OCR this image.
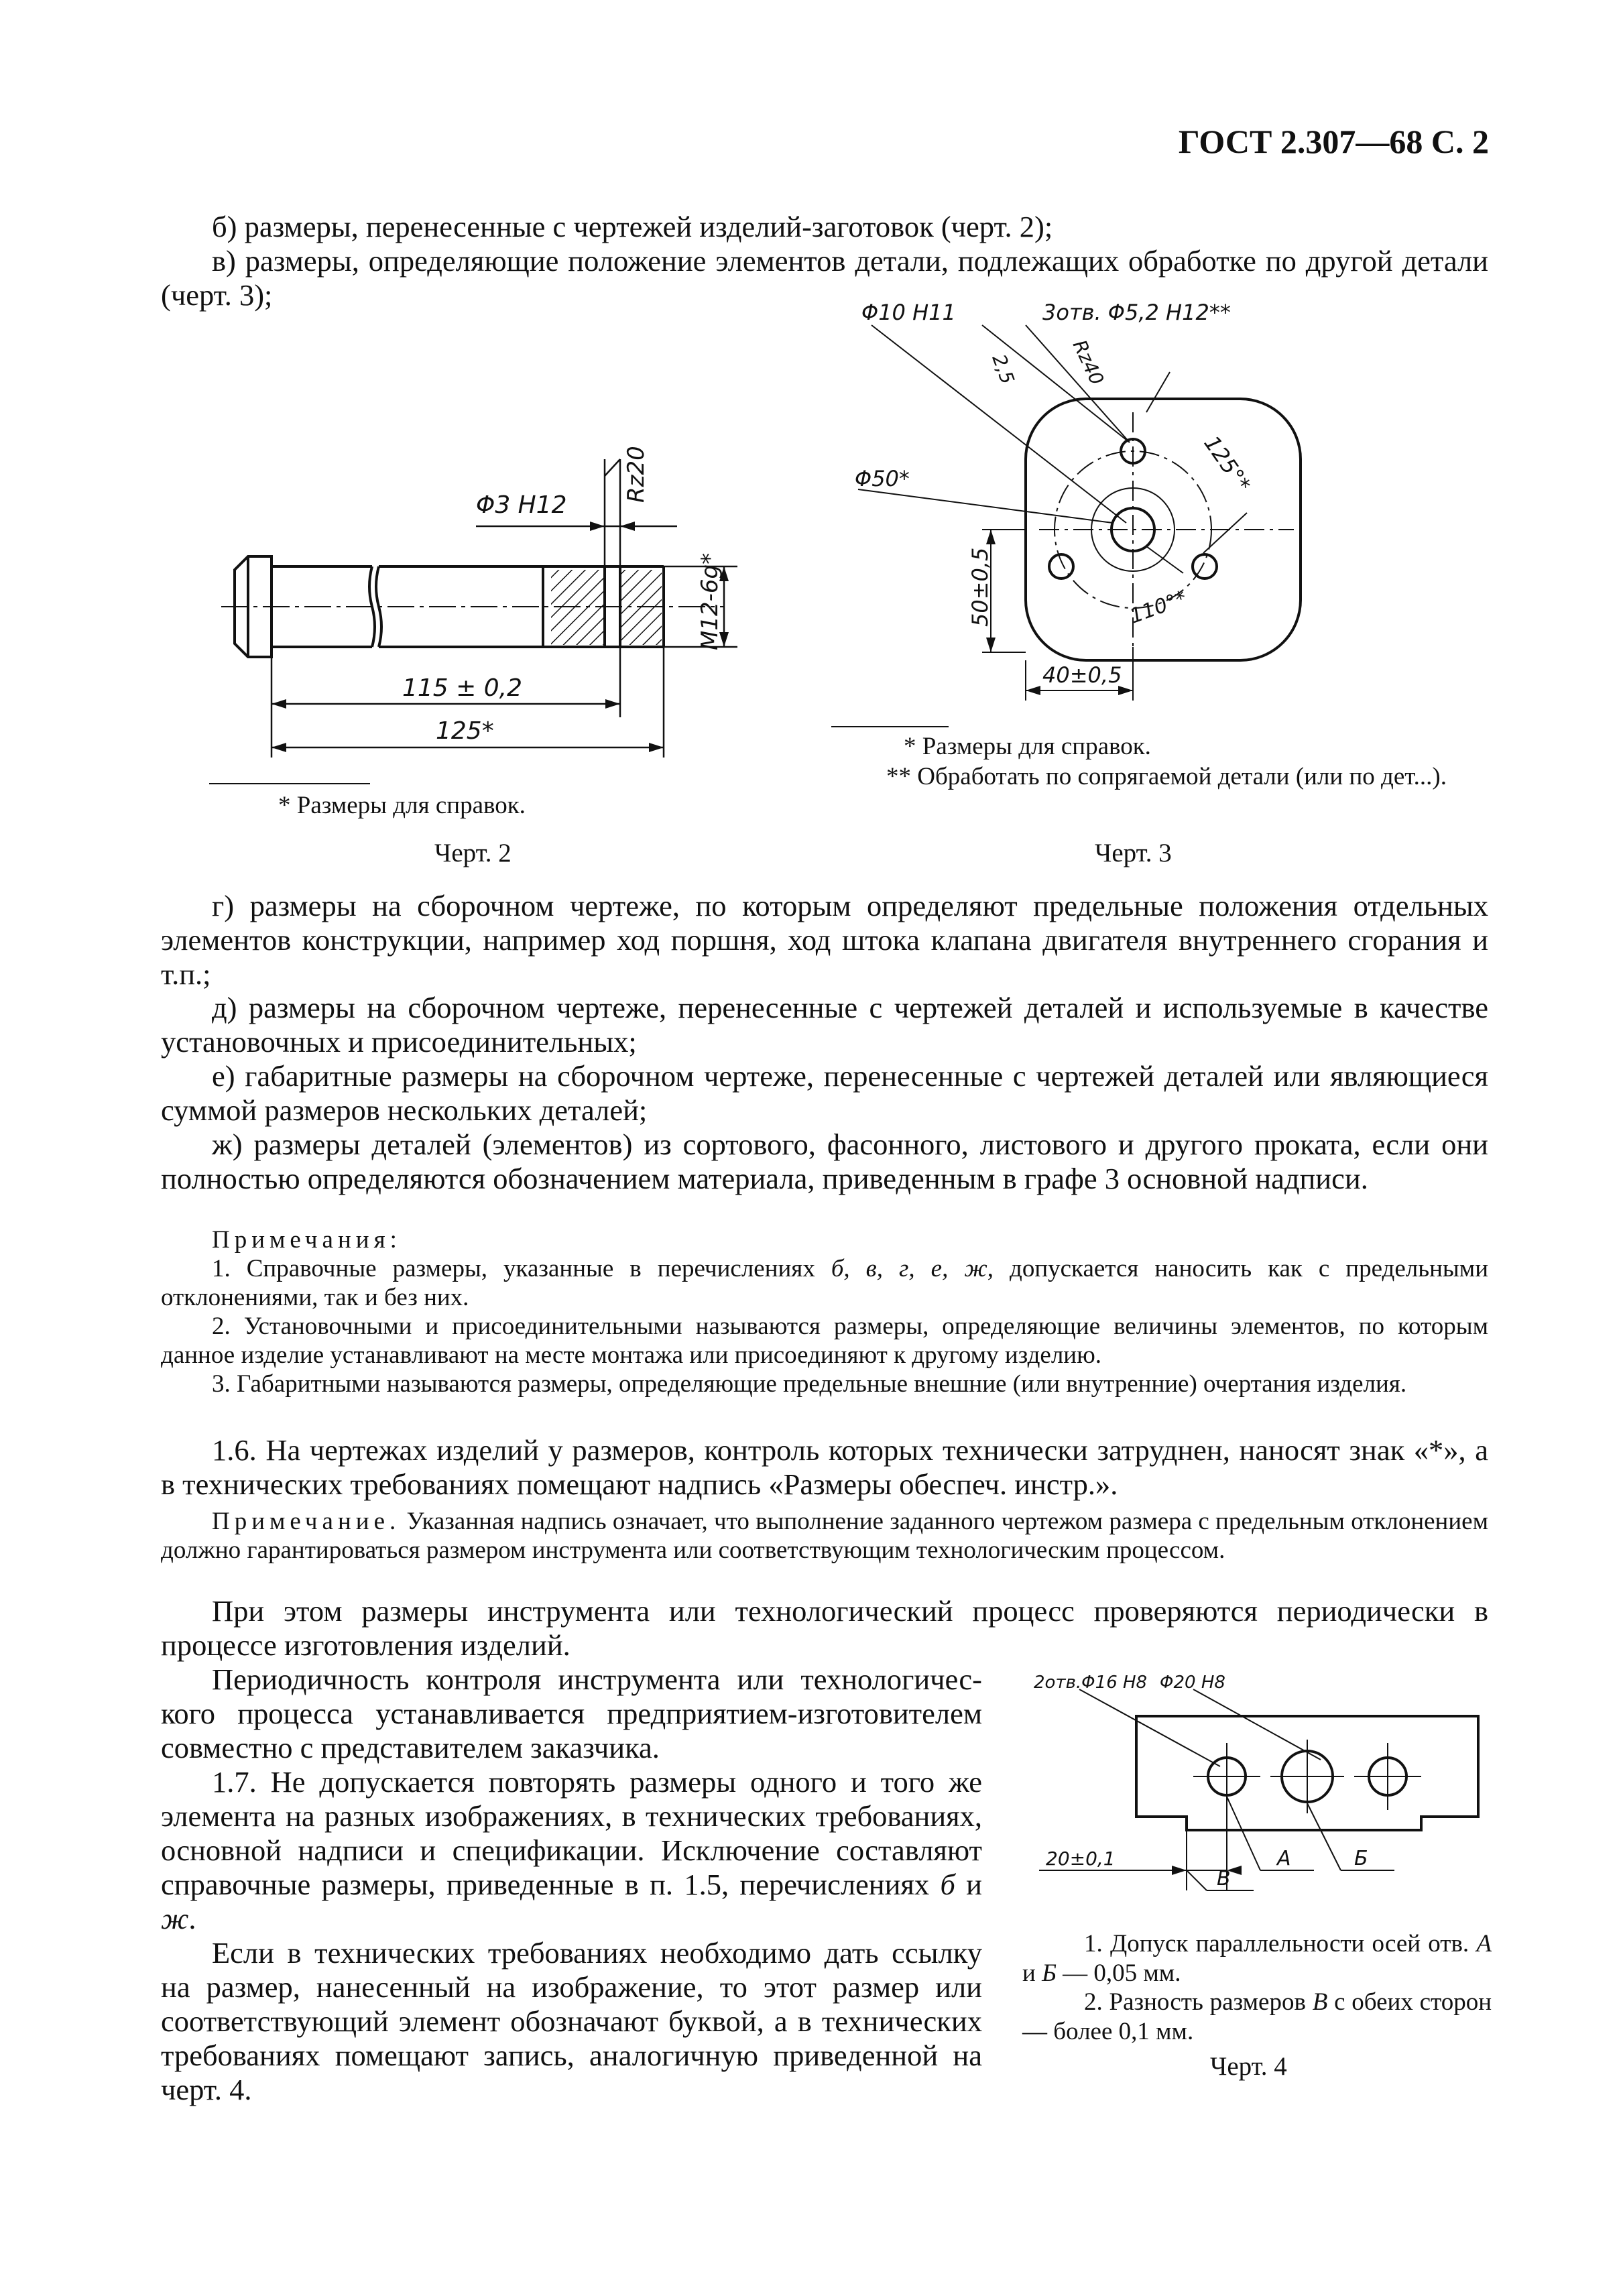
ГОСТ 2.307—68 С. 2
б) размеры, перенесенные с чертежей изделий-заготовок (черт. 2);
в) размеры, определяющие положение элементов детали, подлежащих обработке по другой детали (черт. 3);
Φ3 H12
Rz20
M12-6g*
115 ± 0,2
125*
* Размеры для справок.
Черт. 2
Φ10 H11	3отв. Φ5,2 H12**
2,5	Rz40
125°*
Φ50*
50±0,5	110°*
40±0,5
* Размеры для справок.
** Обработать по сопрягаемой детали (или по дет...).
Черт. 3
г) размеры на сборочном чертеже, по которым определяют предельные положения отдельных элементов конструкции, например ход поршня, ход штока клапана двигателя внутреннего сгорания и т.п.;
д) размеры на сборочном чертеже, перенесенные с чертежей деталей и используемые в качестве установочных и присоединительных;
е) габаритные размеры на сборочном чертеже, перенесенные с чертежей деталей или являющиеся суммой размеров нескольких деталей;
ж) размеры деталей (элементов) из сортового, фасонного, листового и другого проката, если они полностью определяются обозначением материала, приведенным в графе 3 основной надписи.
Примечания:
1. Справочные размеры, указанные в перечислениях б, в, г, е, ж, допускается наносить как с предельными отклонениями, так и без них.
2. Установочными и присоединительными называются размеры, определяющие величины элементов, по которым данное изделие устанавливают на месте монтажа или присоединяют к другому изделию.
3. Габаритными называются размеры, определяющие предельные внешние (или внутренние) очертания изделия.
1.6. На чертежах изделий у размеров, контроль которых технически затруднен, наносят знак «*», а в технических требованиях помещают надпись «Размеры обеспеч. инстр.».
Примечание. Указанная надпись означает, что выполнение заданного чертежом размера с предельным отклонением должно гарантироваться размером инструмента или соответствующим технологическим процессом.
При этом размеры инструмента или технологический процесс проверяются периодически в процессе изготовления изделий.
Периодичность контроля инструмента или технологического процесса устанавливается предприятием-изготовителем совместно с представителем заказчика.
1.7. Не допускается повторять размеры одного и того же элемента на разных изображениях, в технических требованиях, основной надписи и спецификации. Исключение составляют справочные размеры, приведенные в п. 1.5, перечислениях б и ж.
Если в технических требованиях необходимо дать ссылку на размер, нанесенный на изображение, то этот размер или соответствующий элемент обозначают буквой, а в технических требованиях помещают запись, аналогичную приведенной на черт. 4.
2отв.Φ16 H8 Φ20 H8
20±0,1	А	Б
В
1. Допуск параллельности осей отв. А и Б — 0,05 мм.
2. Разность размеров В с обеих сторон — более 0,1 мм.
Черт. 4
